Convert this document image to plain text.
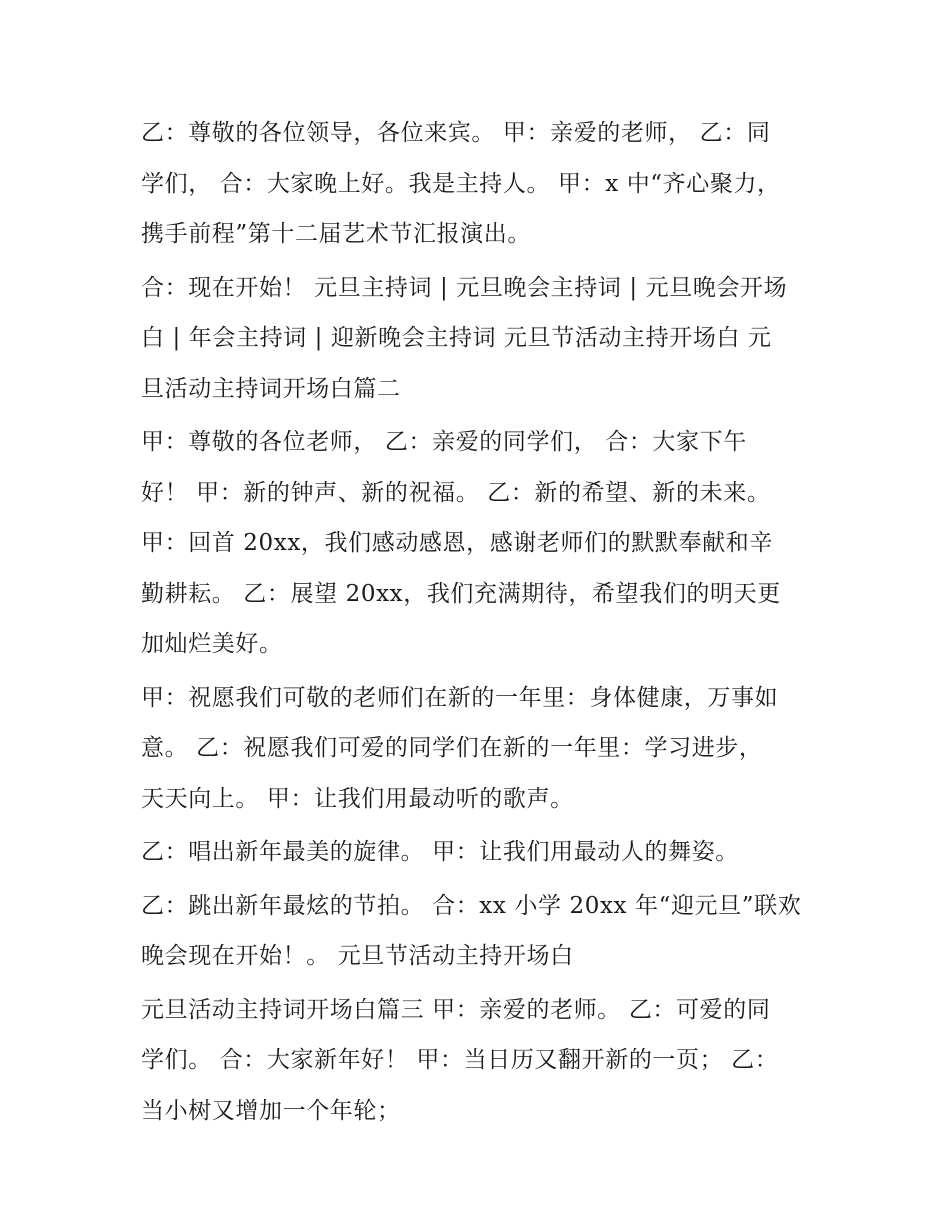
乙：尊敬的各位领导，各位来宾。 甲：亲爱的老师， 乙：同
学们， 合：大家晚上好。我是主持人。 甲：x 中“齐心聚力，
携手前程”第十二届艺术节汇报演出。

合：现在开始！ 元旦主持词 | 元旦晚会主持词 | 元旦晚会开场
白 | 年会主持词 | 迎新晚会主持词 元旦节活动主持开场白 元
旦活动主持词开场白篇二

甲：尊敬的各位老师， 乙：亲爱的同学们， 合：大家下午
好！ 甲：新的钟声、新的祝福。 乙：新的希望、新的未来。
甲：回首 20xx，我们感动感恩，感谢老师们的默默奉献和辛
勤耕耘。 乙：展望 20xx，我们充满期待，希望我们的明天更
加灿烂美好。

甲：祝愿我们可敬的老师们在新的一年里：身体健康，万事如
意。 乙：祝愿我们可爱的同学们在新的一年里：学习进步，
天天向上。 甲：让我们用最动听的歌声。

乙：唱出新年最美的旋律。 甲：让我们用最动人的舞姿。

乙：跳出新年最炫的节拍。 合：xx 小学 20xx 年“迎元旦”联欢
晚会现在开始！。 元旦节活动主持开场白

元旦活动主持词开场白篇三 甲：亲爱的老师。 乙：可爱的同
学们。 合：大家新年好！ 甲：当日历又翻开新的一页； 乙：
当小树又增加一个年轮；
